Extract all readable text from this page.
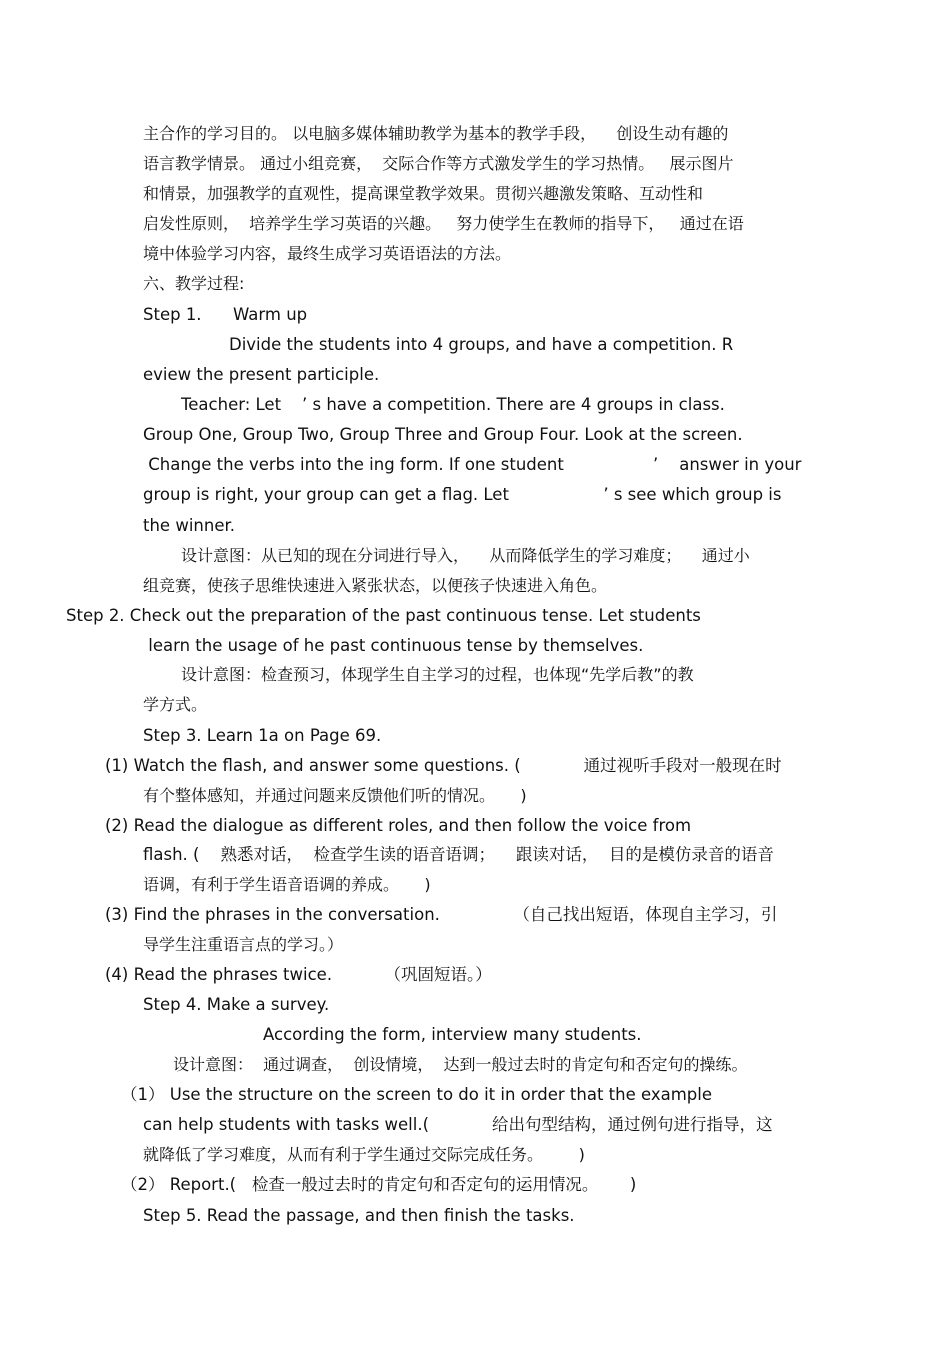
主合作的学习目的。 以电脑多媒体辅助教学为基本的教学手段，    创设生动有趣的
语言教学情景。 通过小组竞赛，  交际合作等方式激发学生的学习热情。   展示图片
和情景，加强教学的直观性，提高课堂教学效果。贯彻兴趣激发策略、互动性和
启发性原则，  培养学生学习英语的兴趣。   努力使学生在教师的指导下，   通过在语
境中体验学习内容，最终生成学习英语语法的方法。
六、教学过程:
Step 1.      Warm up
Divide the students into 4 groups, and have a competition. R
eview the present participle.
Teacher: Let    ’ s have a competition. There are 4 groups in class.
Group One, Group Two, Group Three and Group Four. Look at the screen.
Change the verbs into the ing form. If one student                 ’    answer in your
group is right, your group can get a flag. Let                  ’ s see which group is
the winner.
设计意图：从已知的现在分词进行导入，    从而降低学生的学习难度；    通过小
组竞赛，使孩子思维快速进入紧张状态，以便孩子快速进入角色。
Step 2. Check out the preparation of the past continuous tense. Let students
learn the usage of he past continuous tense by themselves.
设计意图：检查预习，体现学生自主学习的过程，也体现“先学后教”的教
学方式。
Step 3. Learn 1a on Page 69.
(1) Watch the flash, and answer some questions. (            通过视听手段对一般现在时
有个整体感知，并通过问题来反馈他们听的情况。     )
(2) Read the dialogue as different roles, and then follow the voice from
flash. (    熟悉对话，  检查学生读的语音语调；    跟读对话，  目的是模仿录音的语音
语调，有利于学生语音语调的养成。     )
(3) Find the phrases in the conversation.              （自己找出短语，体现自主学习，引
导学生注重语言点的学习。）
(4) Read the phrases twice.          （巩固短语。）
Step 4. Make a survey.
According the form, interview many students.
设计意图：  通过调查，  创设情境，  达到一般过去时的肯定句和否定句的操练。
（1） Use the structure on the screen to do it in order that the example
can help students with tasks well.(            给出句型结构，通过例句进行指导，这
就降低了学习难度，从而有利于学生通过交际完成任务。       )
（2） Report.(   检查一般过去时的肯定句和否定句的运用情况。      )
Step 5. Read the passage, and then finish the tasks.
